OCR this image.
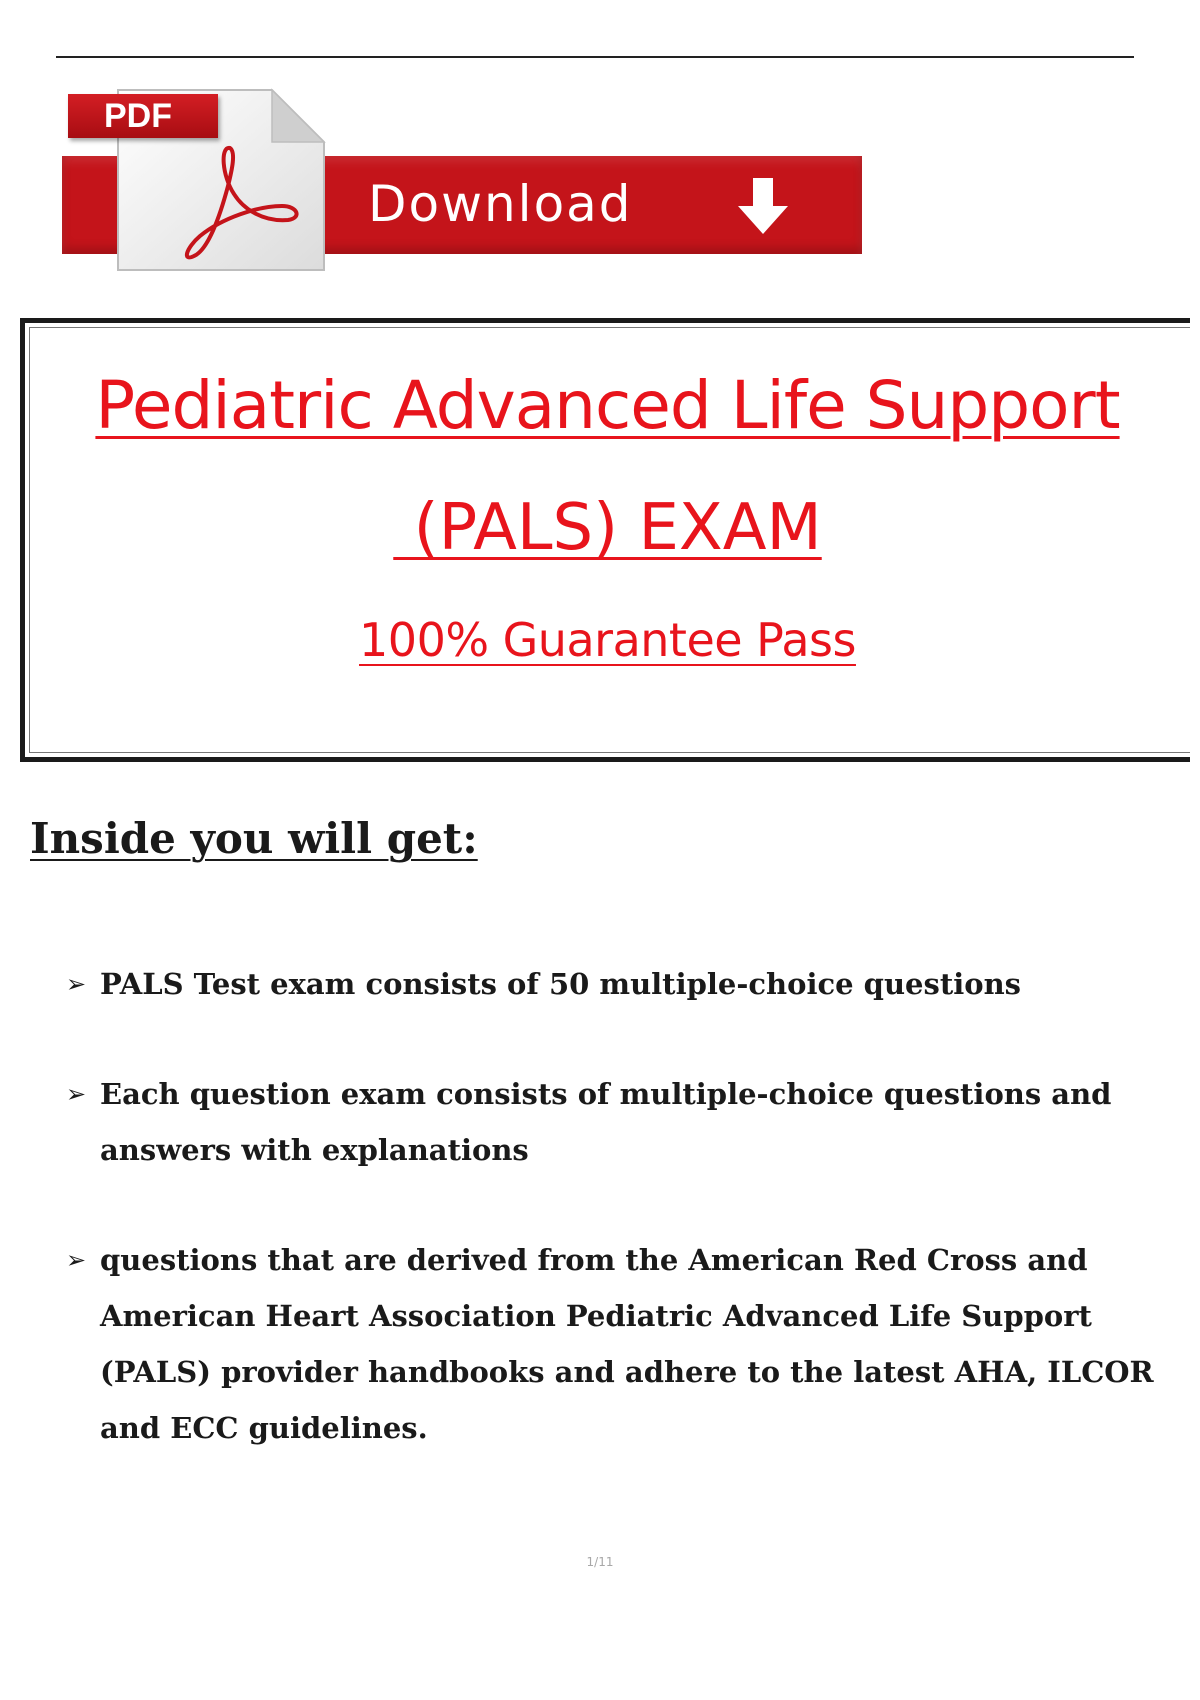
PDF
Download
Pediatric Advanced Life Support
(PALS) EXAM
100% Guarantee Pass
Inside you will get:
➢ PALS Test exam consists of 50 multiple-choice questions
➢ Each question exam consists of multiple-choice questions and answers with explanations
➢ questions that are derived from the American Red Cross and American Heart Association Pediatric Advanced Life Support (PALS) provider handbooks and adhere to the latest AHA, ILCOR and ECC guidelines.
1/11
